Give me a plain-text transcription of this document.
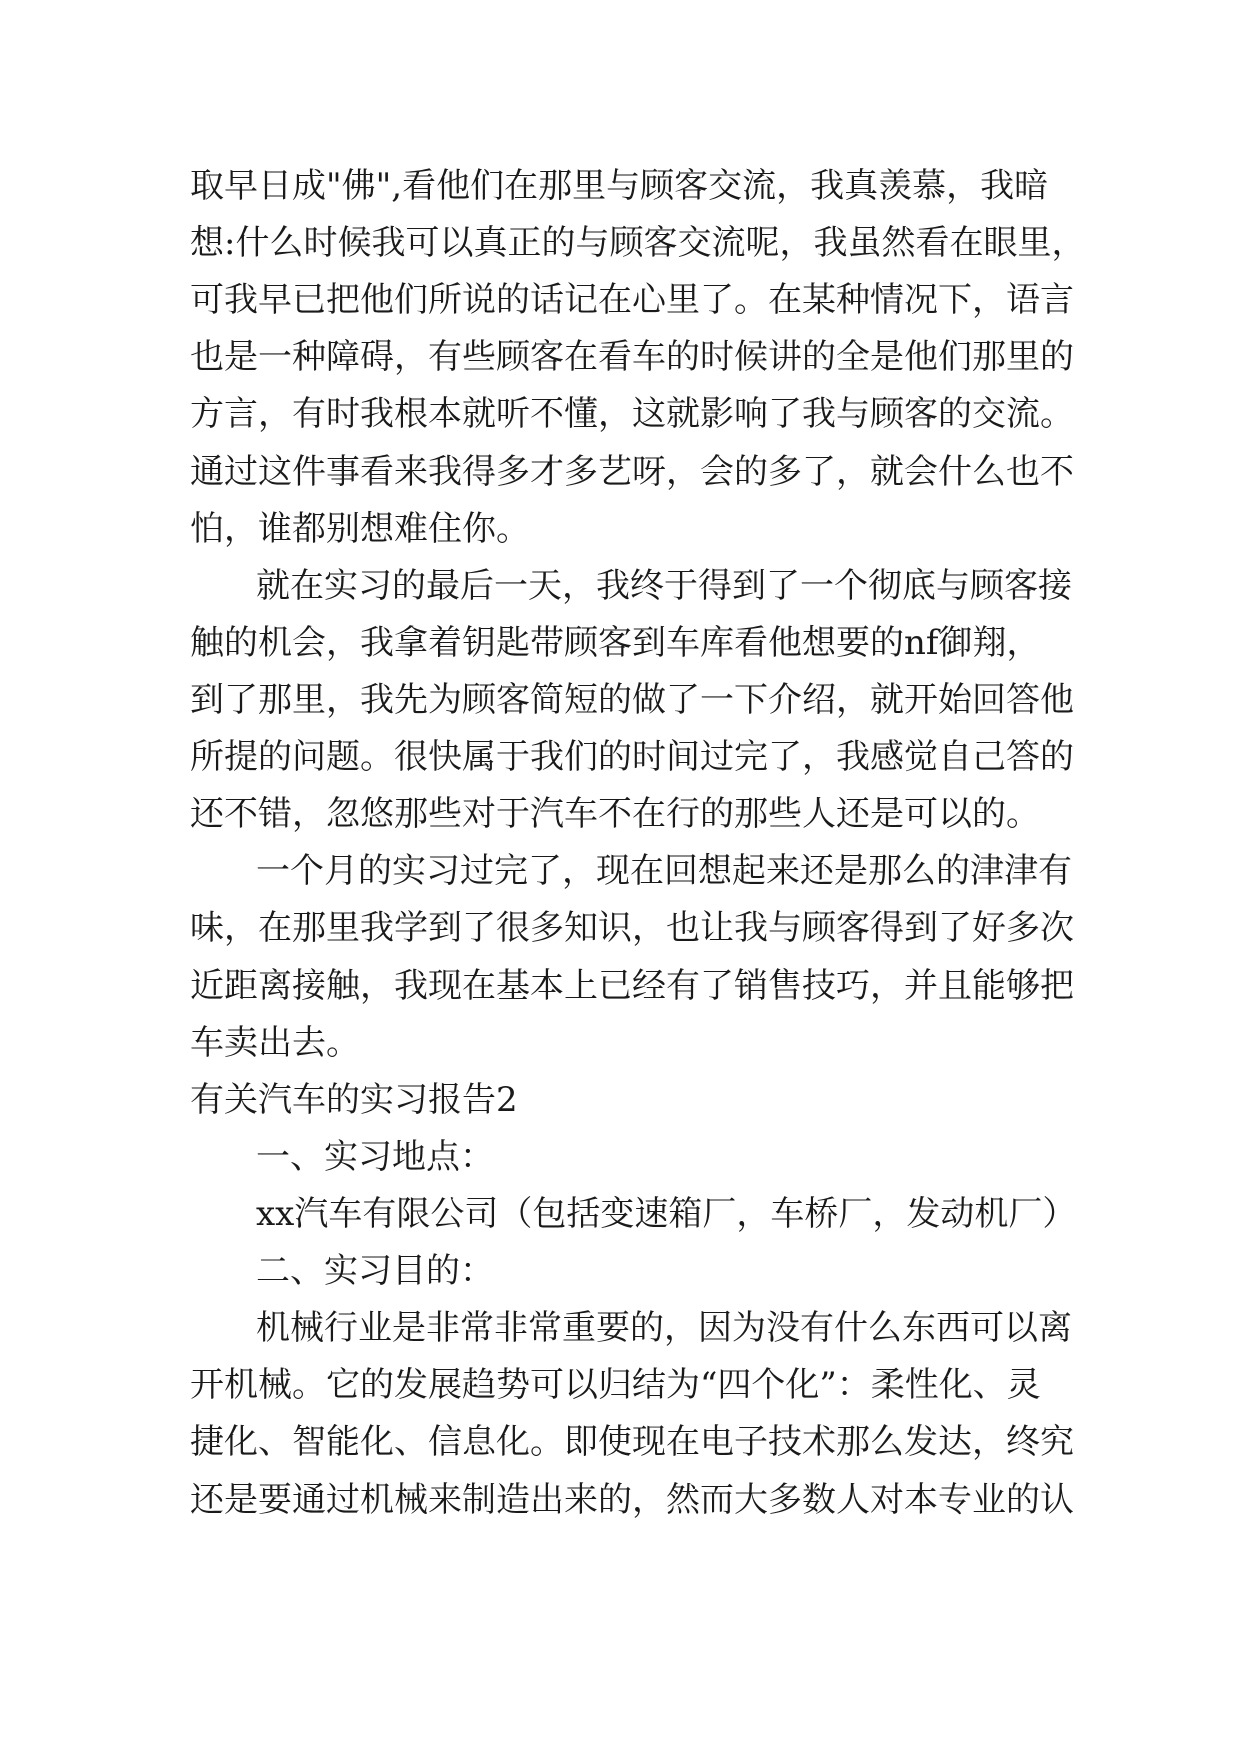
取早日成"佛",看他们在那里与顾客交流，我真羡慕，我暗
想:什么时候我可以真正的与顾客交流呢，我虽然看在眼里，
可我早已把他们所说的话记在心里了。在某种情况下，语言
也是一种障碍，有些顾客在看车的时候讲的全是他们那里的
方言，有时我根本就听不懂，这就影响了我与顾客的交流。
通过这件事看来我得多才多艺呀，会的多了，就会什么也不
怕，谁都别想难住你。
就在实习的最后一天，我终于得到了一个彻底与顾客接
触的机会，我拿着钥匙带顾客到车库看他想要的nf御翔，
到了那里，我先为顾客简短的做了一下介绍，就开始回答他
所提的问题。很快属于我们的时间过完了，我感觉自己答的
还不错，忽悠那些对于汽车不在行的那些人还是可以的。
一个月的实习过完了，现在回想起来还是那么的津津有
味，在那里我学到了很多知识，也让我与顾客得到了好多次
近距离接触，我现在基本上已经有了销售技巧，并且能够把
车卖出去。
有关汽车的实习报告2
一、实习地点：
xx汽车有限公司（包括变速箱厂，车桥厂，发动机厂）
二、实习目的：
机械行业是非常非常重要的，因为没有什么东西可以离
开机械。它的发展趋势可以归结为“四个化”：柔性化、灵
捷化、智能化、信息化。即使现在电子技术那么发达，终究
还是要通过机械来制造出来的，然而大多数人对本专业的认
